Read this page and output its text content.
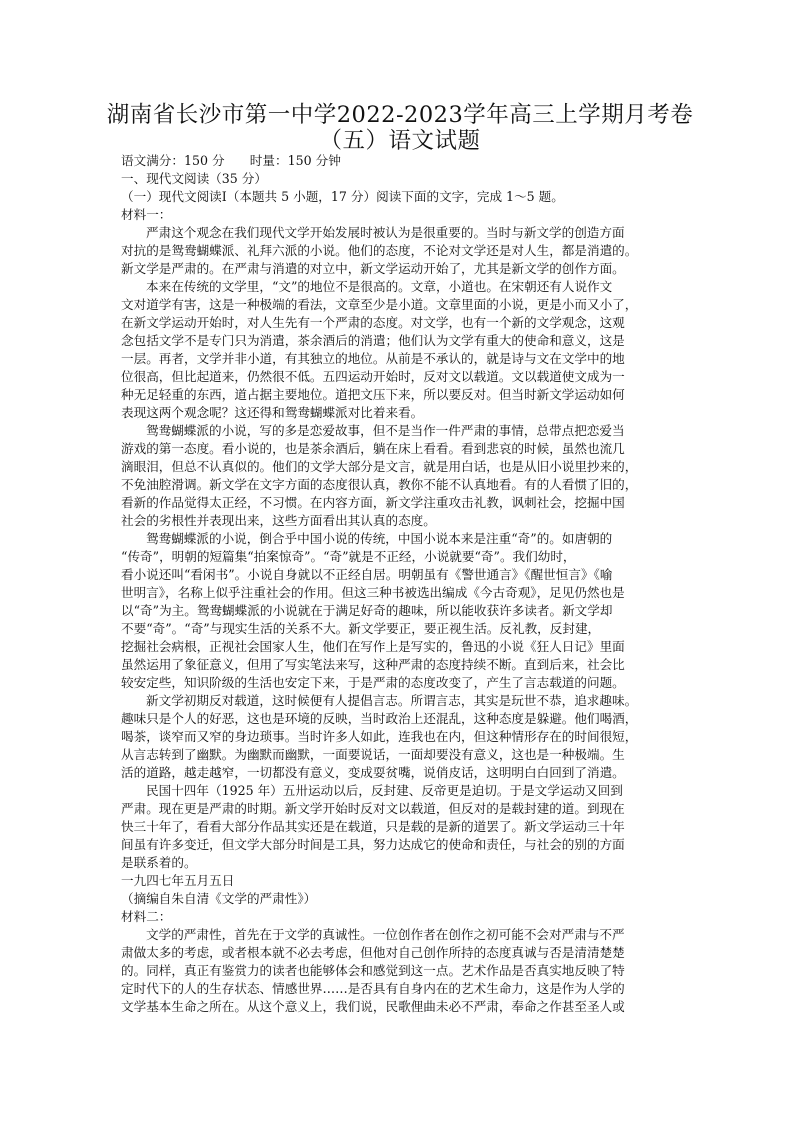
湖南省长沙市第一中学2022-2023学年高三上学期月考卷
（五）语文试题
语文满分：150 分　　时量：150 分钟
一、现代文阅读（35 分）
（一）现代文阅读Ⅰ（本题共 5 小题，17 分）阅读下面的文字，完成 1～5 题。
材料一：
严肃这个观念在我们现代文学开始发展时被认为是很重要的。当时与新文学的创造方面
对抗的是鸳鸯蝴蝶派、礼拜六派的小说。他们的态度，不论对文学还是对人生，都是消遣的。
新文学是严肃的。在严肃与消遣的对立中，新文学运动开始了，尤其是新文学的创作方面。
本来在传统的文学里，“文”的地位不是很高的。文章，小道也。在宋朝还有人说作文
文对道学有害，这是一种极端的看法，文章至少是小道。文章里面的小说，更是小而又小了，
在新文学运动开始时，对人生先有一个严肃的态度。对文学，也有一个新的文学观念，这观
念包括文学不是专门只为消遣，茶余酒后的消遣；他们认为文学有重大的使命和意义，这是
一层。再者，文学并非小道，有其独立的地位。从前是不承认的，就是诗与文在文学中的地
位很高，但比起道来，仍然很不低。五四运动开始时，反对文以载道。文以载道使文成为一
种无足轻重的东西，道占据主要地位。道把文压下来，所以要反对。但当时新文学运动如何
表现这两个观念呢？这还得和鸳鸯蝴蝶派对比着来看。
鸳鸯蝴蝶派的小说，写的多是恋爱故事，但不是当作一件严肃的事情，总带点把恋爱当
游戏的第一态度。看小说的，也是茶余酒后，躺在床上看看。看到悲哀的时候，虽然也流几
滴眼泪，但总不认真似的。他们的文学大部分是文言，就是用白话，也是从旧小说里抄来的，
不免油腔滑调。新文学在文字方面的态度很认真，教你不能不认真地看。有的人看惯了旧的，
看新的作品觉得太正经，不习惯。在内容方面，新文学注重攻击礼教，讽刺社会，挖掘中国
社会的劣根性并表现出来，这些方面看出其认真的态度。
鸳鸯蝴蝶派的小说，倒合乎中国小说的传统，中国小说本来是注重“奇”的。如唐朝的
“传奇”，明朝的短篇集“拍案惊奇”。“奇”就是不正经，小说就要“奇”。我们幼时，
看小说还叫“看闲书”。小说自身就以不正经自居。明朝虽有《警世通言》《醒世恒言》《喻
世明言》，名称上似乎注重社会的作用。但这三种书被选出编成《今古奇观》，足见仍然也是
以“奇”为主。鸳鸯蝴蝶派的小说就在于满足好奇的趣味，所以能收获许多读者。新文学却
不要“奇”。“奇”与现实生活的关系不大。新文学要正，要正视生活。反礼教，反封建，
挖掘社会病根，正视社会国家人生，他们在写作上是写实的，鲁迅的小说《狂人日记》里面
虽然运用了象征意义，但用了写实笔法来写，这种严肃的态度持续不断。直到后来，社会比
较安定些，知识阶级的生活也安定下来，于是严肃的态度改变了，产生了言志载道的问题。
新文学初期反对载道，这时候便有人提倡言志。所谓言志，其实是玩世不恭，追求趣味。
趣味只是个人的好恶，这也是环境的反映，当时政治上还混乱，这种态度是躲避。他们喝酒，
喝茶，谈窄而又窄的身边琐事。当时许多人如此，连我也在内，但这种情形存在的时间很短，
从言志转到了幽默。为幽默而幽默，一面要说话，一面却要没有意义，这也是一种极端。生
活的道路，越走越窄，一切都没有意义，变成耍贫嘴，说俏皮话，这明明白白回到了消遣。
民国十四年（1925 年）五卅运动以后，反封建、反帝更是迫切。于是文学运动又回到
严肃。现在更是严肃的时期。新文学开始时反对文以载道，但反对的是载封建的道。到现在
快三十年了，看看大部分作品其实还是在载道，只是载的是新的道罢了。新文学运动三十年
间虽有许多变迁，但文学大部分时间是工具，努力达成它的使命和责任，与社会的别的方面
是联系着的。
一九四七年五月五日
（摘编自朱自清《文学的严肃性》）
材料二：
文学的严肃性，首先在于文学的真诚性。一位创作者在创作之初可能不会对严肃与不严
肃做太多的考虑，或者根本就不必去考虑，但他对自己创作所持的态度真诚与否是清清楚楚
的。同样，真正有鉴赏力的读者也能够体会和感觉到这一点。艺术作品是否真实地反映了特
定时代下的人的生存状态、情感世界……是否具有自身内在的艺术生命力，这是作为人学的
文学基本生命之所在。从这个意义上，我们说，民歌俚曲未必不严肃，奉命之作甚至圣人或
